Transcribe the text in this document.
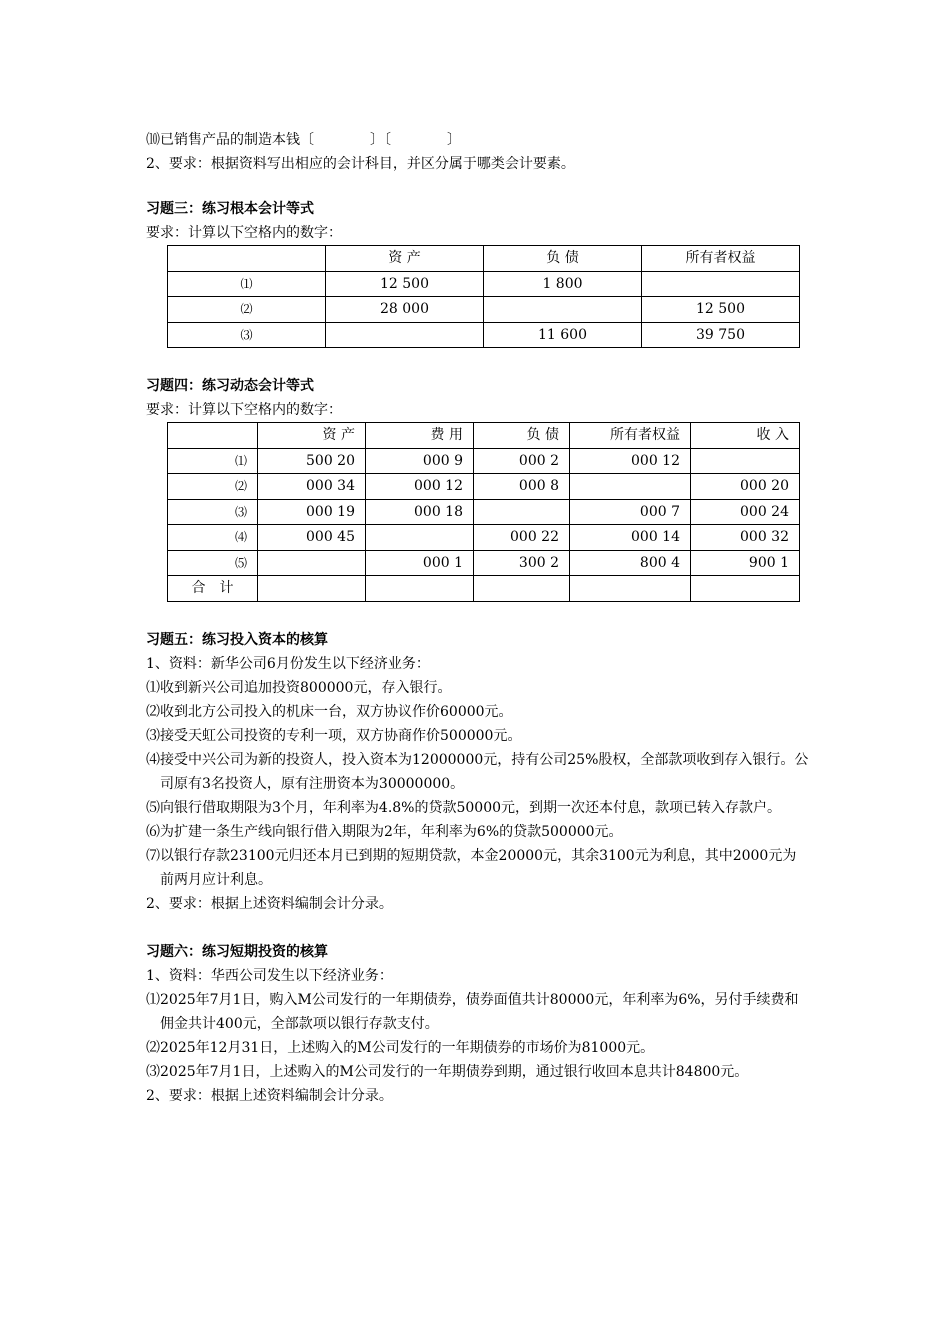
⑽已销售产品的制造本钱〔　　　　〕〔　　　　〕
2、要求：根据资料写出相应的会计科目，并区分属于哪类会计要素。
习题三：练习根本会计等式
要求：计算以下空格内的数字：
	资 产	负 债	所有者权益
⑴	12 500	1 800	
⑵	28 000		12 500
⑶		11 600	39 750
习题四：练习动态会计等式
要求：计算以下空格内的数字：
	资 产	费 用	负 债	所有者权益	收 入
⑴	500 20	000 9	000 2	000 12	
⑵	000 34	000 12	000 8		000 20
⑶	000 19	000 18		000 7	000 24
⑷	000 45		000 22	000 14	000 32
⑸		000 1	300 2	800 4	900 1
合　计					
习题五：练习投入资本的核算
1、资料：新华公司6月份发生以下经济业务：
⑴收到新兴公司追加投资800000元，存入银行。
⑵收到北方公司投入的机床一台，双方协议作价60000元。
⑶接受天虹公司投资的专利一项，双方协商作价500000元。
⑷接受中兴公司为新的投资人，投入资本为12000000元，持有公司25%股权，全部款项收到存入银行。公司原有3名投资人，原有注册资本为30000000。
⑸向银行借取期限为3个月，年利率为4.8%的贷款50000元，到期一次还本付息，款项已转入存款户。
⑹为扩建一条生产线向银行借入期限为2年，年利率为6%的贷款500000元。
⑺以银行存款23100元归还本月已到期的短期贷款，本金20000元，其余3100元为利息，其中2000元为前两月应计利息。
2、要求：根据上述资料编制会计分录。
习题六：练习短期投资的核算
1、资料：华西公司发生以下经济业务：
⑴2025年7月1日，购入M公司发行的一年期债券，债券面值共计80000元，年利率为6%，另付手续费和佣金共计400元，全部款项以银行存款支付。
⑵2025年12月31日，上述购入的M公司发行的一年期债券的市场价为81000元。
⑶2025年7月1日，上述购入的M公司发行的一年期债券到期，通过银行收回本息共计84800元。
2、要求：根据上述资料编制会计分录。
